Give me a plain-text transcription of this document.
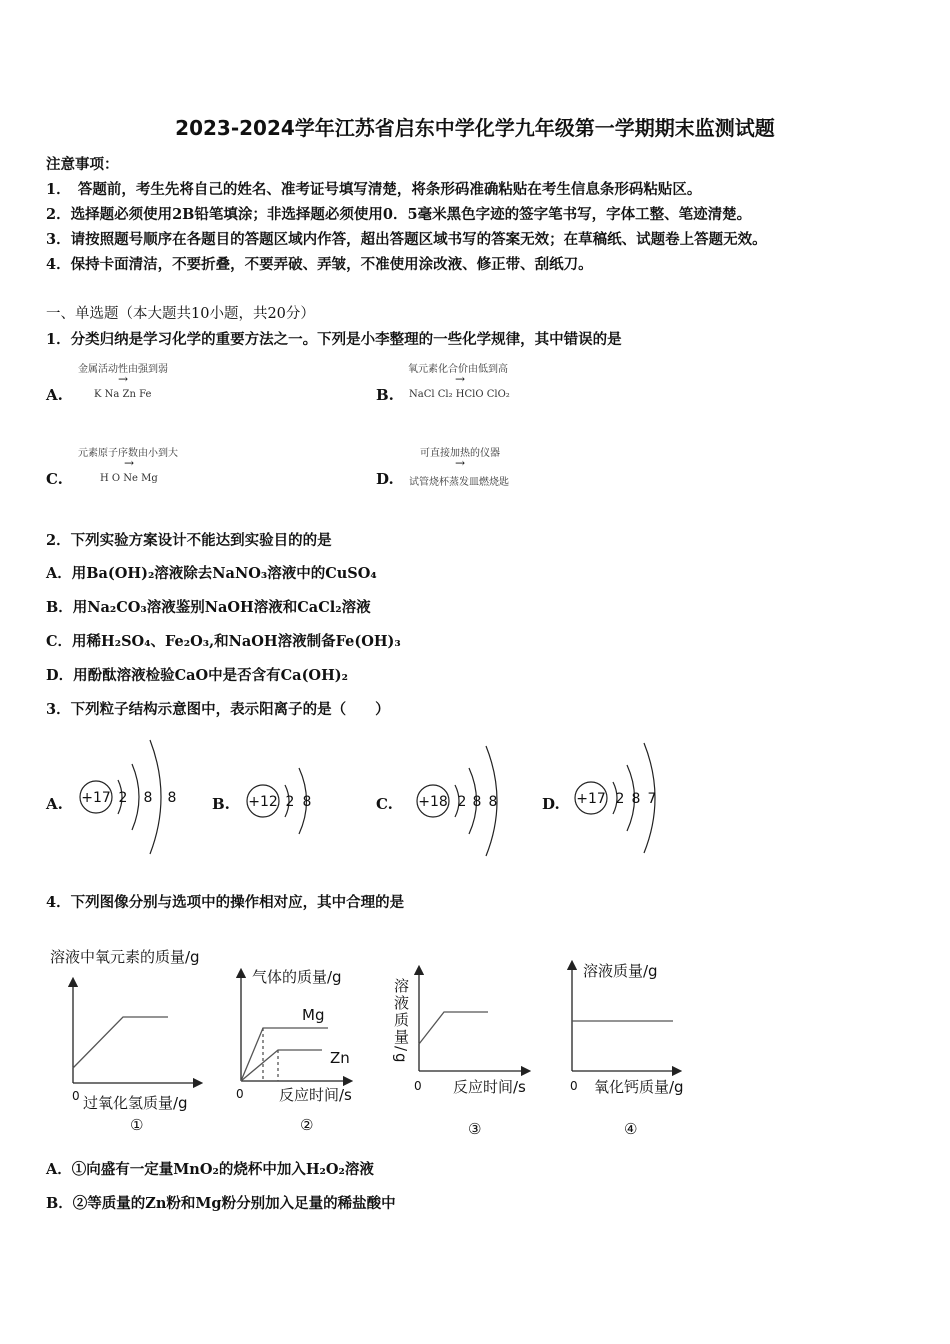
2023-2024学年江苏省启东中学化学九年级第一学期期末监测试题
注意事项：
1．　答题前，考生先将自己的姓名、准考证号填写清楚，将条形码准确粘贴在考生信息条形码粘贴区。
2．选择题必须使用2B铅笔填涂；非选择题必须使用0．5毫米黑色字迹的签字笔书写，字体工整、笔迹清楚。
3．请按照题号顺序在各题目的答题区域内作答，超出答题区域书写的答案无效；在草稿纸、试题卷上答题无效。
4．保持卡面清洁，不要折叠，不要弄破、弄皱，不准使用涂改液、修正带、刮纸刀。
一、单选题（本大题共10小题，共20分）
1．分类归纳是学习化学的重要方法之一。下列是小李整理的一些化学规律，其中错误的是
A.
金属活动性由强到弱
→
K Na Zn Fe	B.
氧元素化合价由低到高
→
NaCl Cl₂ HClO ClO₂
C.
元素原子序数由小到大
→
H O Ne Mg	D.
可直接加热的仪器
→
试管烧杯蒸发皿燃烧匙
2．下列实验方案设计不能达到实验目的的是
A．用Ba(OH)₂溶液除去NaNO₃溶液中的CuSO₄
B．用Na₂CO₃溶液鉴别NaOH溶液和CaCl₂溶液
C．用稀H₂SO₄、Fe₂O₃,和NaOH溶液制备Fe(OH)₃
D．用酚酞溶液检验CaO中是否含有Ca(OH)₂
3．下列粒子结构示意图中，表示阳离子的是（　　）
A.	B.	C.	D.
+17 2 8 8	+12 2 8	+18 2 8 8	+17 2 8 7
4．下列图像分别与选项中的操作相对应，其中合理的是
溶液中氧元素的质量/g
0 过氧化氢质量/g
①
气体的质量/g
Mg
Zn
0 反应时间/s
②
溶液质量/g
0 反应时间/s
③
溶液质量/g
0 氧化钙质量/g
④
A．①向盛有一定量MnO₂的烧杯中加入H₂O₂溶液
B．②等质量的Zn粉和Mg粉分别加入足量的稀盐酸中
